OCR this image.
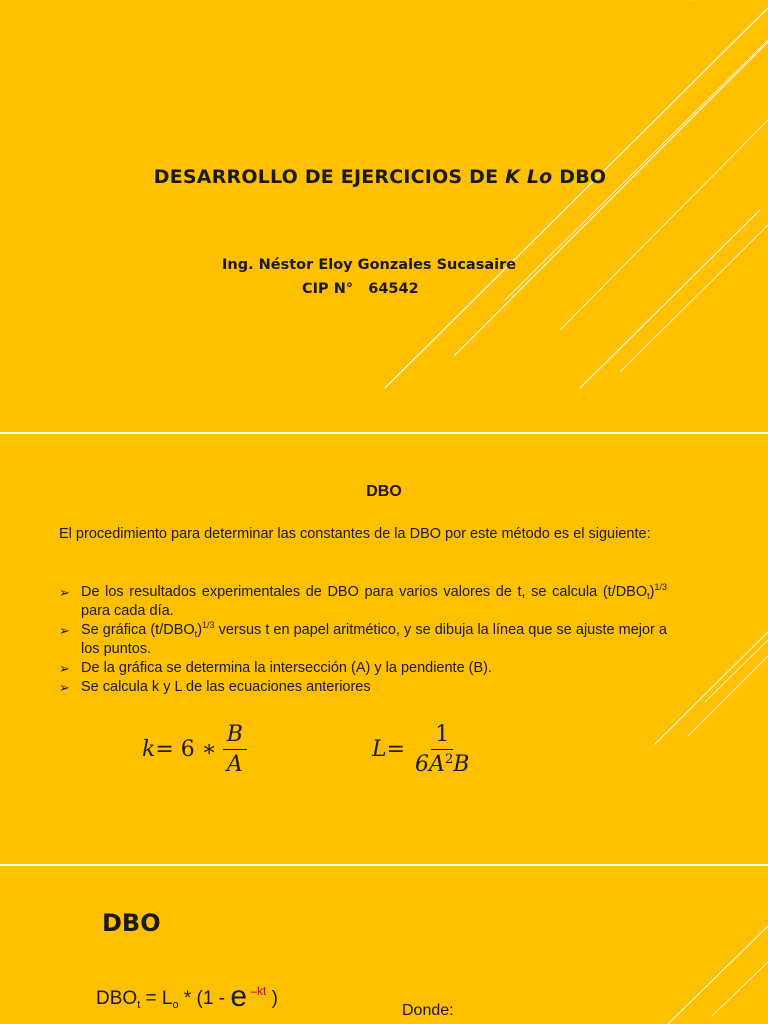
DESARROLLO DE EJERCICIOS DE K Lo DBO
Ing. Néstor Eloy Gonzales Sucasaire
CIP N°   64542
DBO
El procedimiento para determinar las constantes de la DBO por este método es el siguiente:
➢ De los resultados experimentales de DBO para varios valores de t, se calcula $(t/DBO_t)^{1/3}$ para cada día.
➢ Se gráfica $(t/DBO_t)^{1/3}$ versus t en papel aritmético, y se dibuja la línea que se ajuste mejor a los puntos.
➢ De la gráfica se determina la intersección (A) y la pendiente (B).
➢ Se calcula k y L de las ecuaciones anteriores
k = 6 ∗ $\frac{B}{A}$	$L = \frac{1}{6A^2B}$
DBO
$DBO_t = L_o * (1 - e$ $^{-kt}$ )
Donde:
